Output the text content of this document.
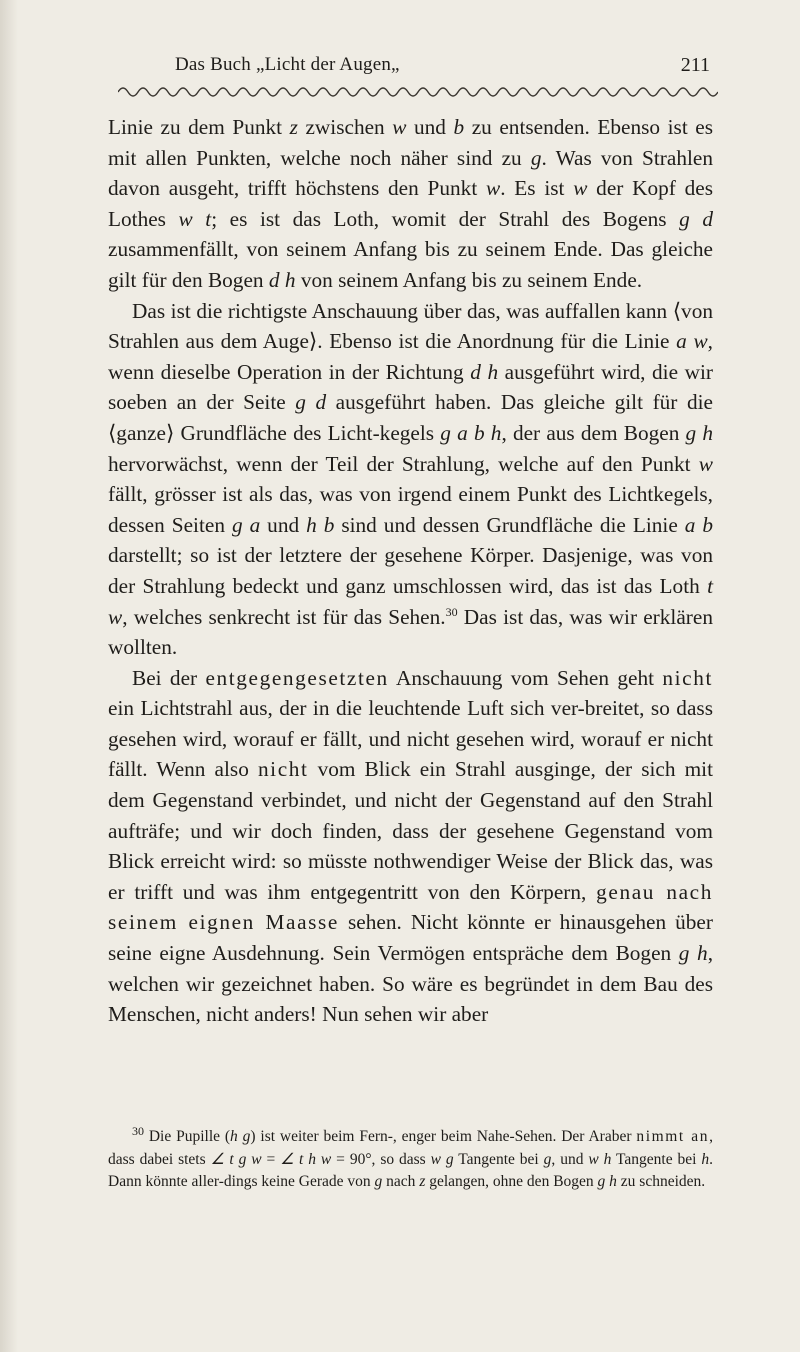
Das Buch „Licht der Augen„	211

Linie zu dem Punkt z zwischen w und b zu entsenden. Ebenso ist es mit allen Punkten, welche noch näher sind zu g. Was von Strahlen davon ausgeht, trifft höchstens den Punkt w. Es ist w der Kopf des Lothes w t; es ist das Loth, womit der Strahl des Bogens g d zusammenfällt, von seinem Anfang bis zu seinem Ende. Das gleiche gilt für den Bogen d h von seinem Anfang bis zu seinem Ende.

Das ist die richtigste Anschauung über das, was auffallen kann ⟨von Strahlen aus dem Auge⟩. Ebenso ist die Anordnung für die Linie a w, wenn dieselbe Operation in der Richtung d h ausgeführt wird, die wir soeben an der Seite g d ausgeführt haben. Das gleiche gilt für die ⟨ganze⟩ Grundfläche des Licht-kegels g a b h, der aus dem Bogen g h hervorwächst, wenn der Teil der Strahlung, welche auf den Punkt w fällt, grösser ist als das, was von irgend einem Punkt des Lichtkegels, dessen Seiten g a und h b sind und dessen Grundfläche die Linie a b darstellt; so ist der letztere der gesehene Körper. Dasjenige, was von der Strahlung bedeckt und ganz umschlossen wird, das ist das Loth t w, welches senkrecht ist für das Sehen.$^{30}$ Das ist das, was wir erklären wollten.

Bei der entgegengesetzten Anschauung vom Sehen geht nicht ein Lichtstrahl aus, der in die leuchtende Luft sich ver-breitet, so dass gesehen wird, worauf er fällt, und nicht gesehen wird, worauf er nicht fällt. Wenn also nicht vom Blick ein Strahl ausginge, der sich mit dem Gegenstand verbindet, und nicht der Gegenstand auf den Strahl aufträfe; und wir doch finden, dass der gesehene Gegenstand vom Blick erreicht wird: so müsste nothwendiger Weise der Blick das, was er trifft und was ihm entgegentritt von den Körpern, genau nach seinem eignen Maasse sehen. Nicht könnte er hinausgehen über seine eigne Ausdehnung. Sein Vermögen entspräche dem Bogen g h, welchen wir gezeichnet haben. So wäre es begründet in dem Bau des Menschen, nicht anders! Nun sehen wir aber

$^{30}$ Die Pupille (h g) ist weiter beim Fern-, enger beim Nahe-Sehen. Der Araber nimmt an, dass dabei stets ∠ t g w = ∠ t h w = 90°, so dass w g Tangente bei g, und w h Tangente bei h. Dann könnte aller-dings keine Gerade von g nach z gelangen, ohne den Bogen g h zu schneiden.
